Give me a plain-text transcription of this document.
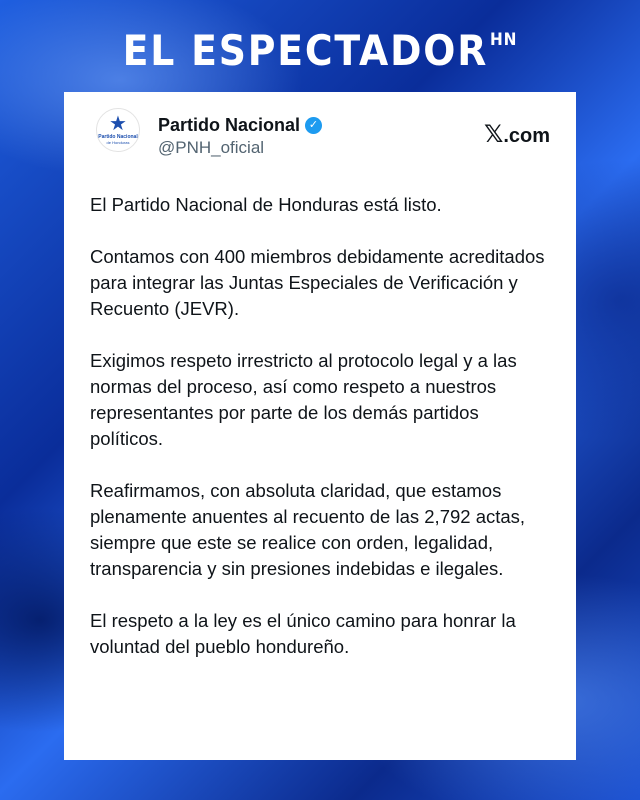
EL ESPECTADOR $^{HN}$
★
Partido Nacional
de Honduras
Partido Nacional ✓
@PNH_oficial	𝕏.com

El Partido Nacional de Honduras está listo.

Contamos con 400 miembros debidamente acreditados para integrar las Juntas Especiales de Verificación y Recuento (JEVR).

Exigimos respeto irrestricto al protocolo legal y a las normas del proceso, así como respeto a nuestros representantes por parte de los demás partidos políticos.

Reafirmamos, con absoluta claridad, que estamos plenamente anuentes al recuento de las 2,792 actas, siempre que este se realice con orden, legalidad, transparencia y sin presiones indebidas e ilegales.

El respeto a la ley es el único camino para honrar la voluntad del pueblo hondureño.
